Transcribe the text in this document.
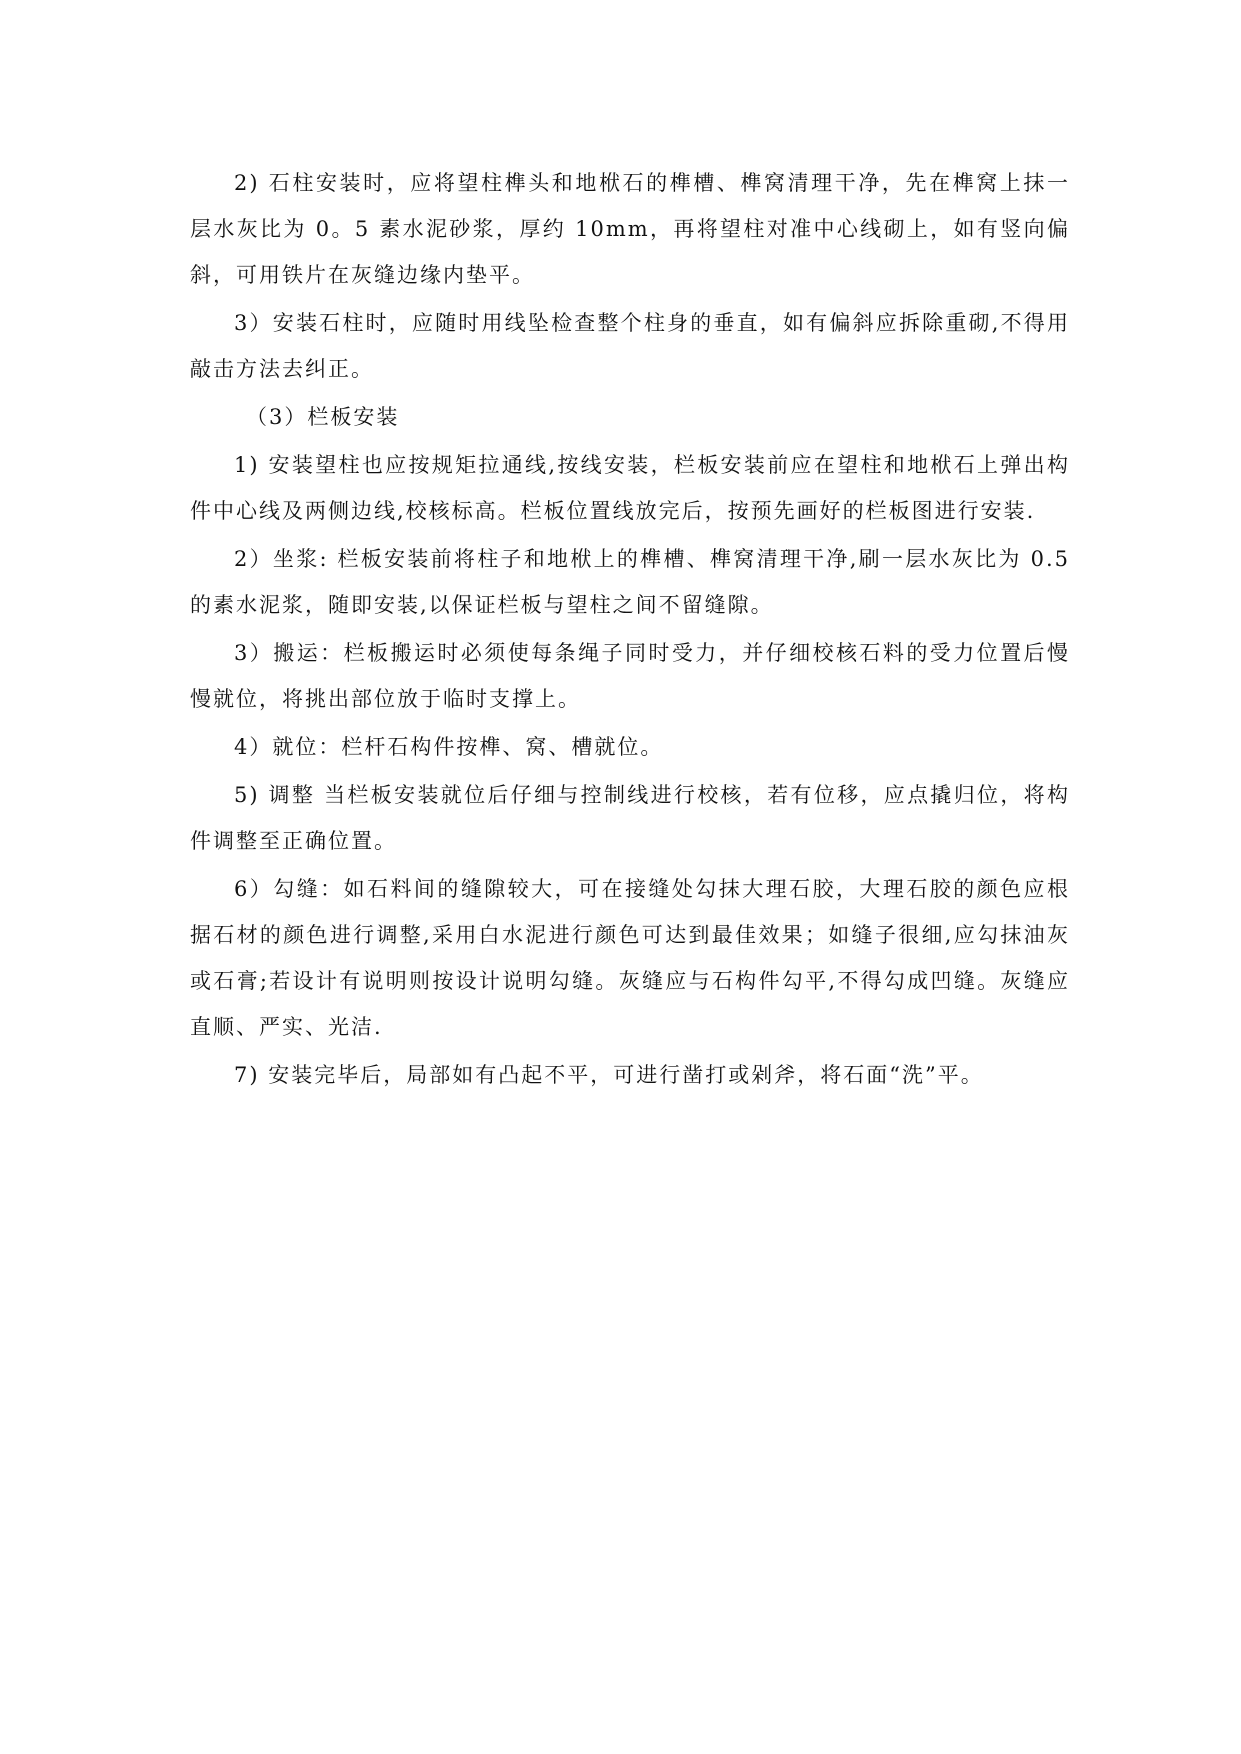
2) 石柱安装时，应将望柱榫头和地栿石的榫槽、榫窝清理干净，先在榫窝上抹一层水灰比为 0。5 素水泥砂浆，厚约 10mm，再将望柱对准中心线砌上，如有竖向偏斜，可用铁片在灰缝边缘内垫平。

3）安装石柱时，应随时用线坠检查整个柱身的垂直，如有偏斜应拆除重砌,不得用敲击方法去纠正。

（3）栏板安装

1) 安装望柱也应按规矩拉通线,按线安装，栏板安装前应在望柱和地栿石上弹出构件中心线及两侧边线,校核标高。栏板位置线放完后，按预先画好的栏板图进行安装.

2）坐浆: 栏板安装前将柱子和地栿上的榫槽、榫窝清理干净,刷一层水灰比为 0.5 的素水泥浆，随即安装,以保证栏板与望柱之间不留缝隙。

3）搬运：栏板搬运时必须使每条绳子同时受力，并仔细校核石料的受力位置后慢慢就位，将挑出部位放于临时支撑上。

4）就位：栏杆石构件按榫、窝、槽就位。

5) 调整 当栏板安装就位后仔细与控制线进行校核，若有位移，应点撬归位，将构件调整至正确位置。

6）勾缝：如石料间的缝隙较大，可在接缝处勾抹大理石胶，大理石胶的颜色应根据石材的颜色进行调整,采用白水泥进行颜色可达到最佳效果；如缝子很细,应勾抹油灰或石膏;若设计有说明则按设计说明勾缝。灰缝应与石构件勾平,不得勾成凹缝。灰缝应直顺、严实、光洁.

7) 安装完毕后，局部如有凸起不平，可进行凿打或剁斧，将石面“洗”平。
